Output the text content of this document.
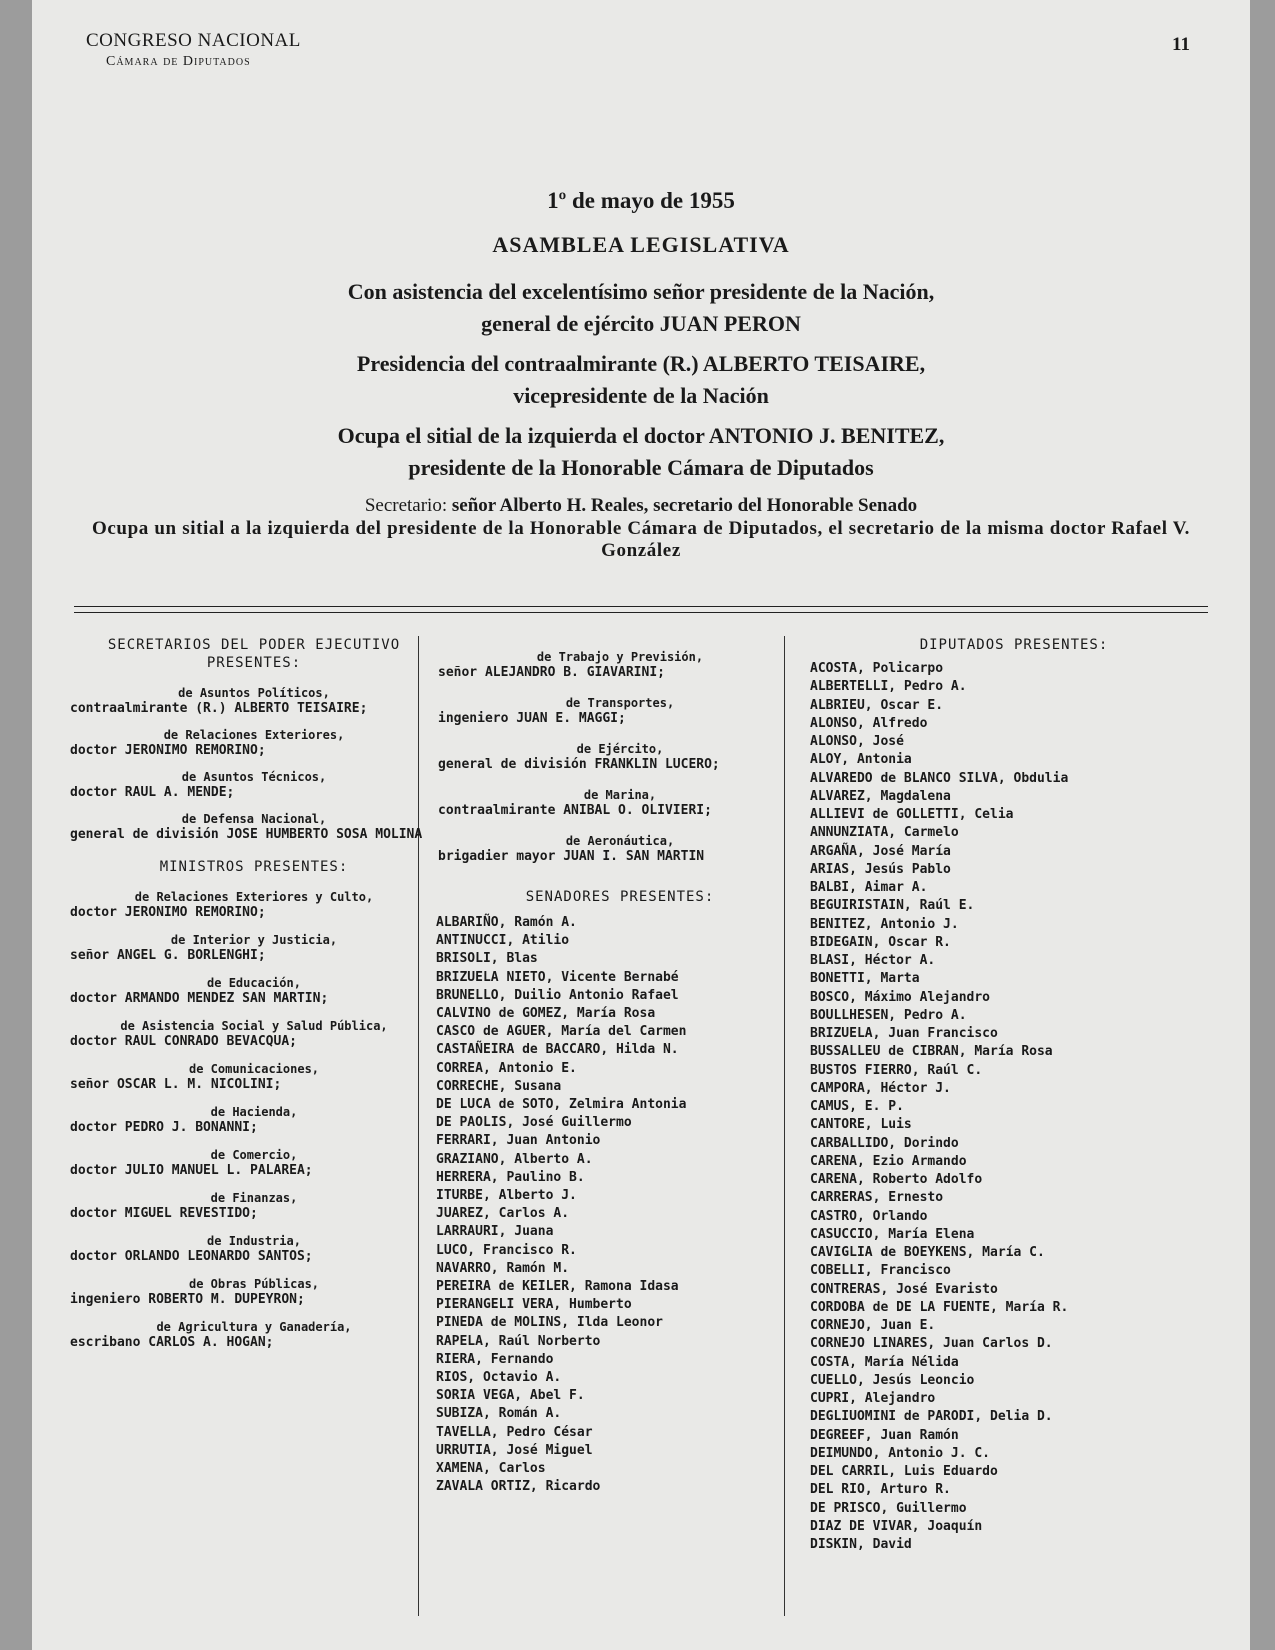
CONGRESO NACIONAL
Cámara de Diputados
11
1º de mayo de 1955
ASAMBLEA LEGISLATIVA
Con asistencia del excelentísimo señor presidente de la Nación,
general de ejército JUAN PERON
Presidencia del contraalmirante (R.) ALBERTO TEISAIRE,
vicepresidente de la Nación
Ocupa el sitial de la izquierda el doctor ANTONIO J. BENITEZ,
presidente de la Honorable Cámara de Diputados
Secretario: señor Alberto H. Reales, secretario del Honorable Senado
Ocupa un sitial a la izquierda del presidente de la Honorable Cámara de Diputados, el secretario de la misma doctor Rafael V. González
SECRETARIOS DEL PODER EJECUTIVO PRESENTES:
de Asuntos Políticos,
contraalmirante (R.) ALBERTO TEISAIRE;
de Relaciones Exteriores,
doctor JERONIMO REMORINO;
de Asuntos Técnicos,
doctor RAUL A. MENDE;
de Defensa Nacional,
general de división JOSE HUMBERTO SOSA MOLINA
MINISTROS PRESENTES:
de Relaciones Exteriores y Culto,
doctor JERONIMO REMORINO;
de Interior y Justicia,
señor ANGEL G. BORLENGHI;
de Educación,
doctor ARMANDO MENDEZ SAN MARTIN;
de Asistencia Social y Salud Pública,
doctor RAUL CONRADO BEVACQUA;
de Comunicaciones,
señor OSCAR L. M. NICOLINI;
de Hacienda,
doctor PEDRO J. BONANNI;
de Comercio,
doctor JULIO MANUEL L. PALAREA;
de Finanzas,
doctor MIGUEL REVESTIDO;
de Industria,
doctor ORLANDO LEONARDO SANTOS;
de Obras Públicas,
ingeniero ROBERTO M. DUPEYRON;
de Agricultura y Ganadería,
escribano CARLOS A. HOGAN;
de Trabajo y Previsión,
señor ALEJANDRO B. GIAVARINI;
de Transportes,
ingeniero JUAN E. MAGGI;
de Ejército,
general de división FRANKLIN LUCERO;
de Marina,
contraalmirante ANIBAL O. OLIVIERI;
de Aeronáutica,
brigadier mayor JUAN I. SAN MARTIN
SENADORES PRESENTES:
ALBARIÑO, Ramón A.
ANTINUCCI, Atilio
BRISOLI, Blas
BRIZUELA NIETO, Vicente Bernabé
BRUNELLO, Duilio Antonio Rafael
CALVINO de GOMEZ, María Rosa
CASCO de AGUER, María del Carmen
CASTAÑEIRA de BACCARO, Hilda N.
CORREA, Antonio E.
CORRECHE, Susana
DE LUCA de SOTO, Zelmira Antonia
DE PAOLIS, José Guillermo
FERRARI, Juan Antonio
GRAZIANO, Alberto A.
HERRERA, Paulino B.
ITURBE, Alberto J.
JUAREZ, Carlos A.
LARRAURI, Juana
LUCO, Francisco R.
NAVARRO, Ramón M.
PEREIRA de KEILER, Ramona Idasa
PIERANGELI VERA, Humberto
PINEDA de MOLINS, Ilda Leonor
RAPELA, Raúl Norberto
RIERA, Fernando
RIOS, Octavio A.
SORIA VEGA, Abel F.
SUBIZA, Román A.
TAVELLA, Pedro César
URRUTIA, José Miguel
XAMENA, Carlos
ZAVALA ORTIZ, Ricardo
DIPUTADOS PRESENTES:
ACOSTA, Policarpo
ALBERTELLI, Pedro A.
ALBRIEU, Oscar E.
ALONSO, Alfredo
ALONSO, José
ALOY, Antonia
ALVAREDO de BLANCO SILVA, Obdulia
ALVAREZ, Magdalena
ALLIEVI de GOLLETTI, Celia
ANNUNZIATA, Carmelo
ARGAÑA, José María
ARIAS, Jesús Pablo
BALBI, Aimar A.
BEGUIRISTAIN, Raúl E.
BENITEZ, Antonio J.
BIDEGAIN, Oscar R.
BLASI, Héctor A.
BONETTI, Marta
BOSCO, Máximo Alejandro
BOULLHESEN, Pedro A.
BRIZUELA, Juan Francisco
BUSSALLEU de CIBRAN, María Rosa
BUSTOS FIERRO, Raúl C.
CAMPORA, Héctor J.
CAMUS, E. P.
CANTORE, Luis
CARBALLIDO, Dorindo
CARENA, Ezio Armando
CARENA, Roberto Adolfo
CARRERAS, Ernesto
CASTRO, Orlando
CASUCCIO, María Elena
CAVIGLIA de BOEYKENS, María C.
COBELLI, Francisco
CONTRERAS, José Evaristo
CORDOBA de DE LA FUENTE, María R.
CORNEJO, Juan E.
CORNEJO LINARES, Juan Carlos D.
COSTA, María Nélida
CUELLO, Jesús Leoncio
CUPRI, Alejandro
DEGLIUOMINI de PARODI, Delia D.
DEGREEF, Juan Ramón
DEIMUNDO, Antonio J. C.
DEL CARRIL, Luis Eduardo
DEL RIO, Arturo R.
DE PRISCO, Guillermo
DIAZ DE VIVAR, Joaquín
DISKIN, David
